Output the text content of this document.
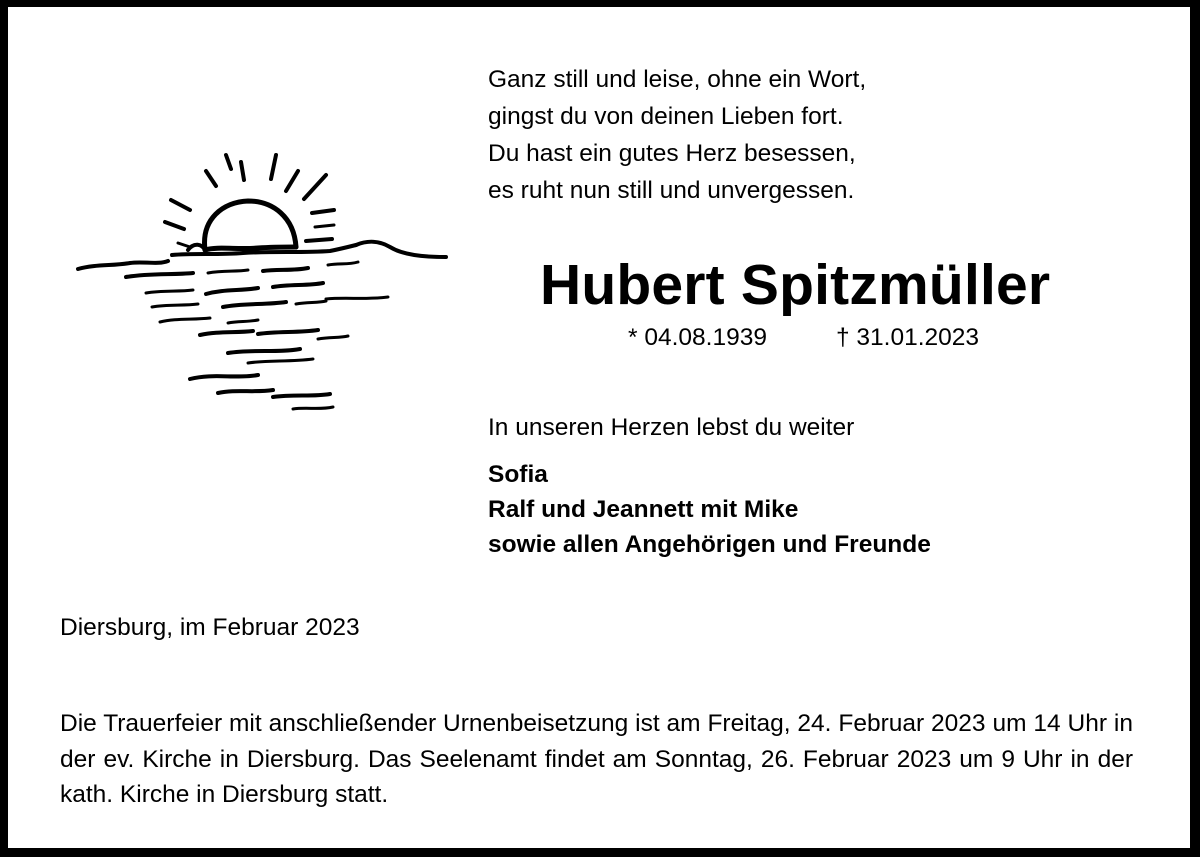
Ganz still und leise, ohne ein Wort,
gingst du von deinen Lieben fort.
Du hast ein gutes Herz besessen,
es ruht nun still und unvergessen.
Hubert Spitzmüller
* 04.08.1939	† 31.01.2023
In unseren Herzen lebst du weiter
Sofia
Ralf und Jeannett mit Mike
sowie allen Angehörigen und Freunde
Diersburg, im Februar 2023
Die Trauerfeier mit anschließender Urnenbeisetzung ist am Freitag, 24. Februar 2023 um 14 Uhr in der ev. Kirche in Diersburg. Das Seelenamt findet am Sonntag, 26. Februar 2023 um 9 Uhr in der kath. Kirche in Diersburg statt.
